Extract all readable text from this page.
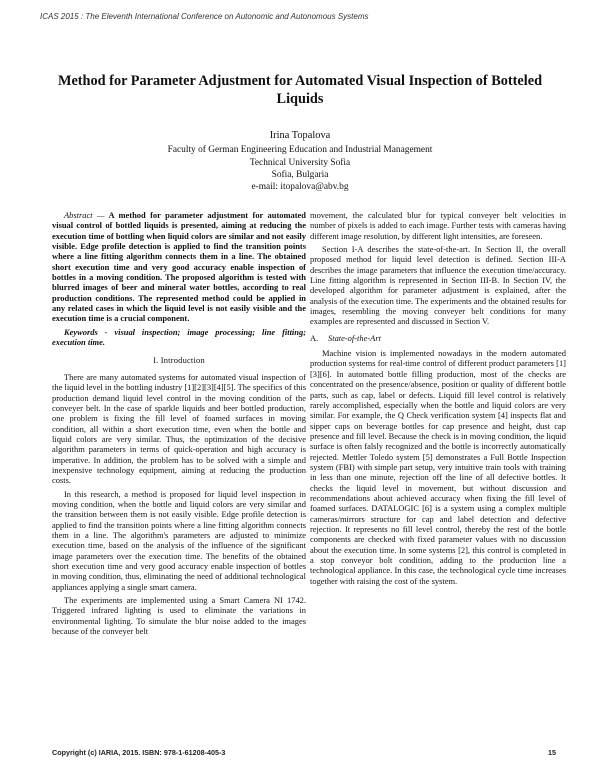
ICAS 2015 : The Eleventh International Conference on Autonomic and Autonomous Systems
Method for Parameter Adjustment for Automated Visual Inspection of Botteled Liquids
Irina Topalova
Faculty of German Engineering Education and Industrial Management
Technical University Sofia
Sofia, Bulgaria
e-mail: itopalova@abv.bg

Abstract — A method for parameter adjustment for automated visual control of bottled liquids is presented, aiming at reducing the execution time of bottling when liquid colors are similar and not easily visible. Edge profile detection is applied to find the transition points where a line fitting algorithm connects them in a line. The obtained short execution time and very good accuracy enable inspection of bottles in a moving condition. The proposed algorithm is tested with blurred images of beer and mineral water bottles, according to real production conditions. The represented method could be applied in any related cases in which the liquid level is not easily visible and the execution time is a crucial component.

Keywords - visual inspection; image processing; line fitting; execution time.

I. Introduction

There are many automated systems for automated visual inspection of the liquid level in the bottling industry [1][2][3][4][5]. The specifics of this production demand liquid level control in the moving condition of the conveyer belt. In the case of sparkle liquids and beer bottled production, one problem is fixing the fill level of foamed surfaces in moving condition, all within a short execution time, even when the bottle and liquid colors are very similar. Thus, the optimization of the decisive algorithm parameters in terms of quick-operation and high accuracy is imperative. In addition, the problem has to be solved with a simple and inexpensive technology equipment, aiming at reducing the production costs.

In this research, a method is proposed for liquid level inspection in moving condition, when the bottle and liquid colors are very similar and the transition between them is not easily visible. Edge profile detection is applied to find the transition points where a line fitting algorithm connects them in a line. The algorithm's parameters are adjusted to minimize execution time, based on the analysis of the influence of the significant image parameters over the execution time. The benefits of the obtained short execution time and very good accuracy enable inspection of bottles in moving condition, thus, eliminating the need of additional technological appliances applying a single smart camera.

The experiments are implemented using a Smart Camera NI 1742. Triggered infrared lighting is used to eliminate the variations in environmental lighting. To simulate the blur noise added to the images because of the conveyer belt

movement, the calculated blur for typical conveyer belt velocities in number of pixels is added to each image. Further tests with cameras having different image resolution, by different light intensities, are foreseen.

Section I-A describes the state-of-the-art. In Section II, the overall proposed method for liquid level detection is defined. Section III-A describes the image parameters that influence the execution time/accuracy. Line fitting algorithm is represented in Section III-B. In Section IV, the developed algorithm for parameter adjustment is explained, after the analysis of the execution time. The experiments and the obtained results for images, resembling the moving conveyer belt conditions for many examples are represented and discussed in Section V.

A. State-of-the-Art

Machine vision is implemented nowadays in the modern automated production systems for real-time control of different product parameters [1][3][6]. In automated bottle filling production, most of the checks are concentrated on the presence/absence, position or quality of different bottle parts, such as cap, label or defects. Liquid fill level control is relatively rarely accomplished, especially when the bottle and liquid colors are very similar. For example, the Q Check verification system [4] inspects flat and sipper caps on beverage bottles for cap presence and height, dust cap presence and fill level. Because the check is in moving condition, the liquid surface is often falsly recognized and the bottle is incorrectly automatically rejected. Mettler Toledo system [5] demonstrates a Full Bottle Inspection system (FBI) with simple part setup, very intuitive train tools with training in less than one minute, rejection off the line of all defective bottles. It checks the liquid level in movement, but without discussion and recommendations about achieved accuracy when fixing the fill level of foamed surfaces. DATALOGIC [6] is a system using a complex multiple cameras/mirrors structure for cap and label detection and defective rejection. It represents no fill level control, thereby the rest of the bottle components are checked with fixed parameter values with no discussion about the execution time. In some systems [2], this control is completed in a stop conveyor bolt condition, adding to the production line a technological appliance. In this case, the technological cycle time increases together with raising the cost of the system.

Copyright (c) IARIA, 2015. ISBN: 978-1-61208-405-3	15
